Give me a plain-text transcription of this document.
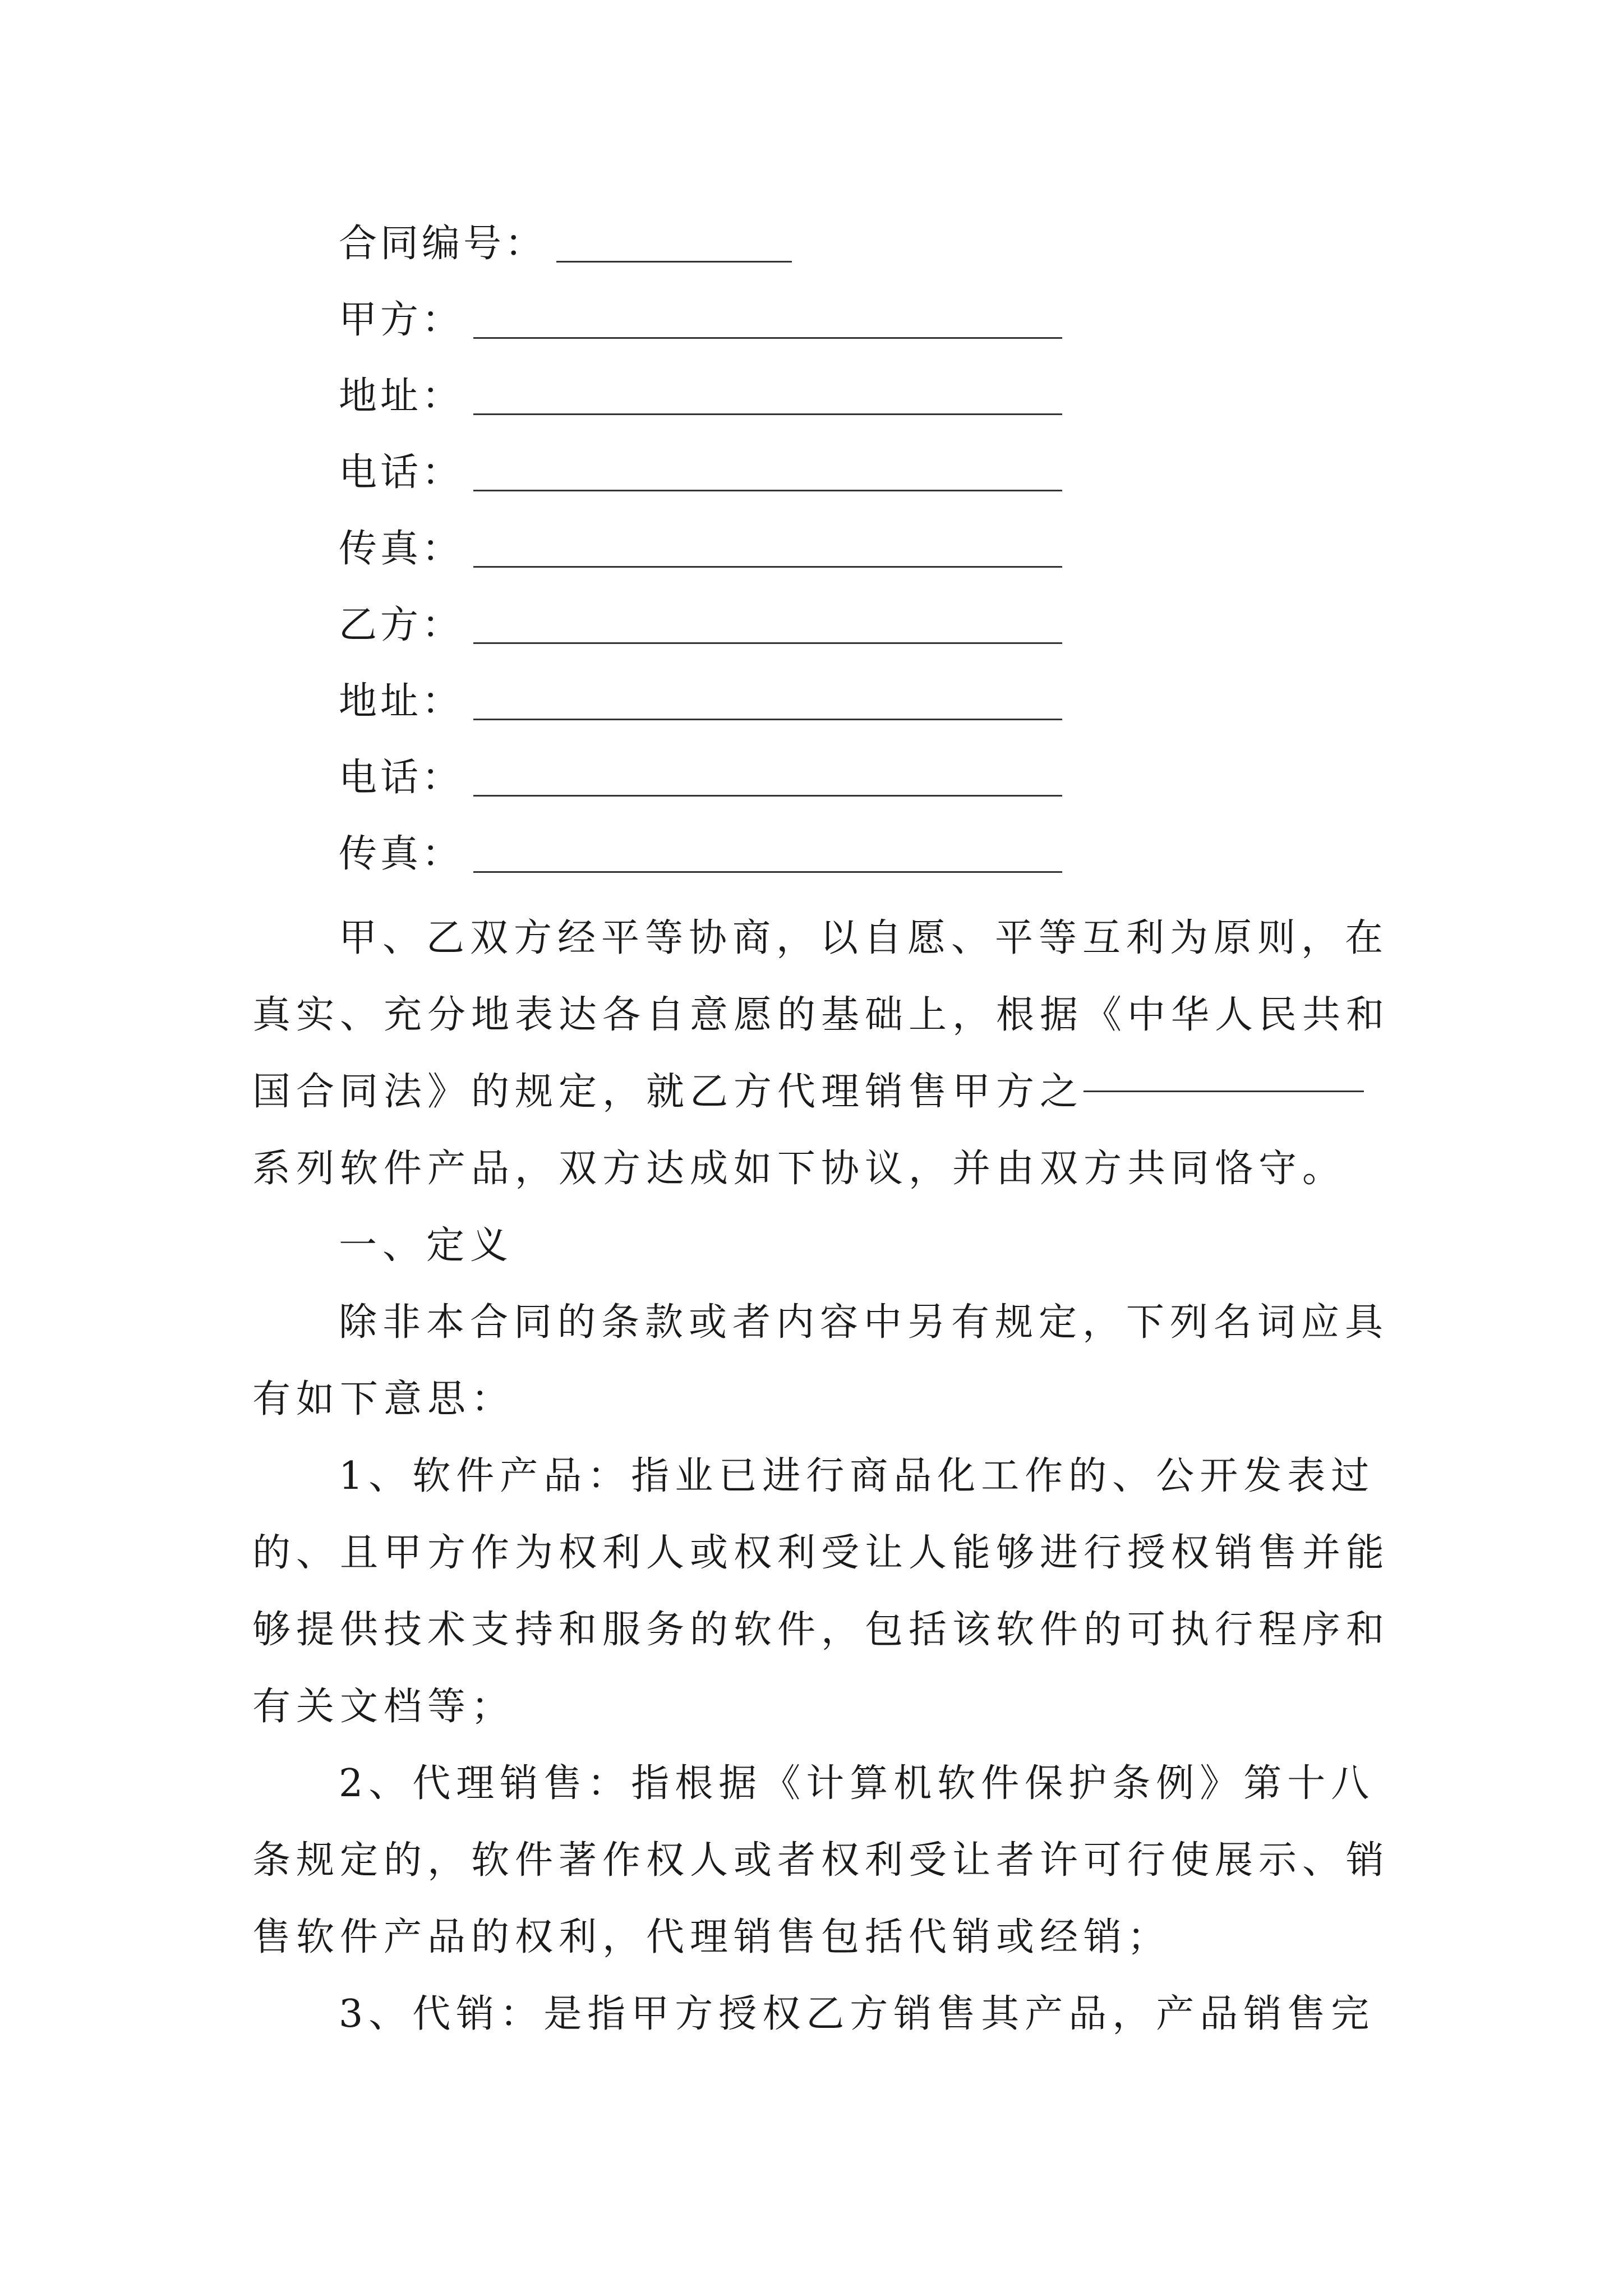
合同编号：
甲方：
地址：
电话：
传真：
乙方：
地址：
电话：
传真：

甲、乙双方经平等协商，以自愿、平等互利为原则，在

真实、充分地表达各自意愿的基础上，根据《中华人民共和

国合同法》的规定，就乙方代理销售甲方之

系列软件产品，双方达成如下协议，并由双方共同恪守。

一、定义

除非本合同的条款或者内容中另有规定，下列名词应具

有如下意思：

1、软件产品：指业已进行商品化工作的、公开发表过

的、且甲方作为权利人或权利受让人能够进行授权销售并能

够提供技术支持和服务的软件，包括该软件的可执行程序和

有关文档等；

2、代理销售：指根据《计算机软件保护条例》第十八

条规定的，软件著作权人或者权利受让者许可行使展示、销

售软件产品的权利，代理销售包括代销或经销；

3、代销：是指甲方授权乙方销售其产品，产品销售完
